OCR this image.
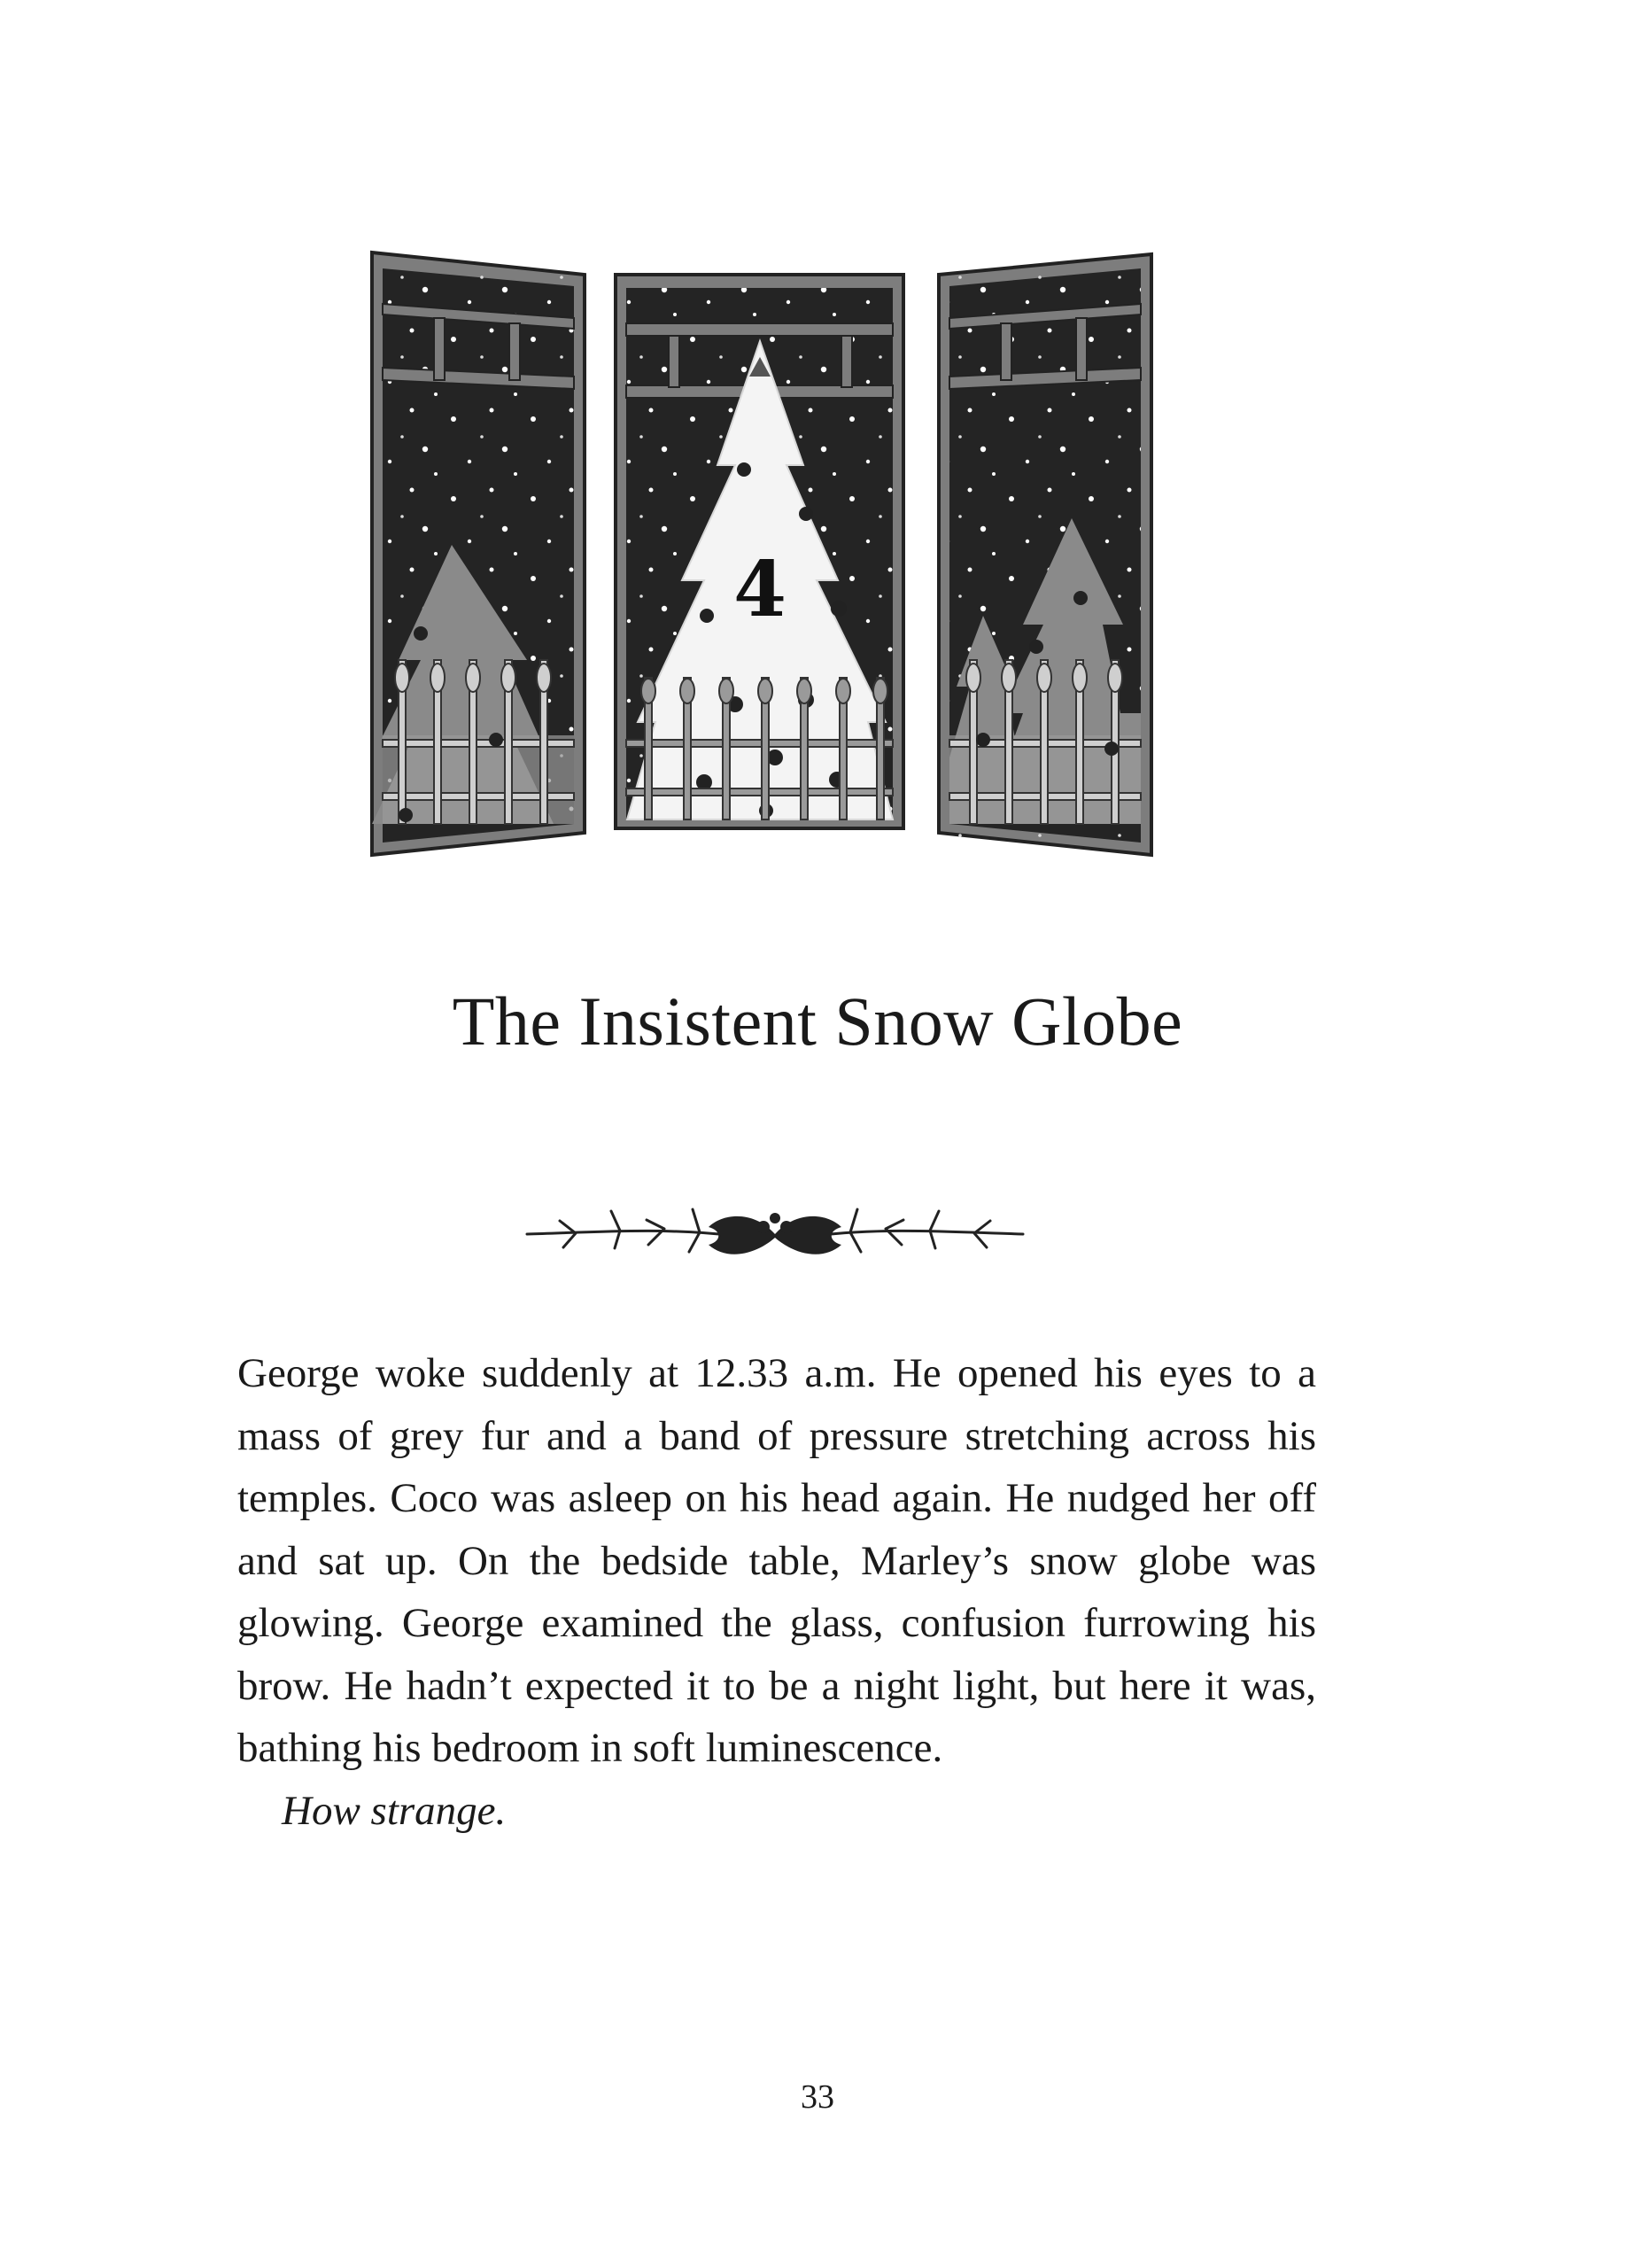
4
The Insistent Snow Globe

George woke suddenly at 12.33 a.m. He opened his eyes to a mass of grey fur and a band of pressure stretching across his temples. Coco was asleep on his head again. He nudged her off and sat up. On the bedside table, Marley’s snow globe was glowing. George examined the glass, confusion furrowing his brow. He hadn’t expected it to be a night light, but here it was, bathing his bedroom in soft luminescence.

How strange.

33
